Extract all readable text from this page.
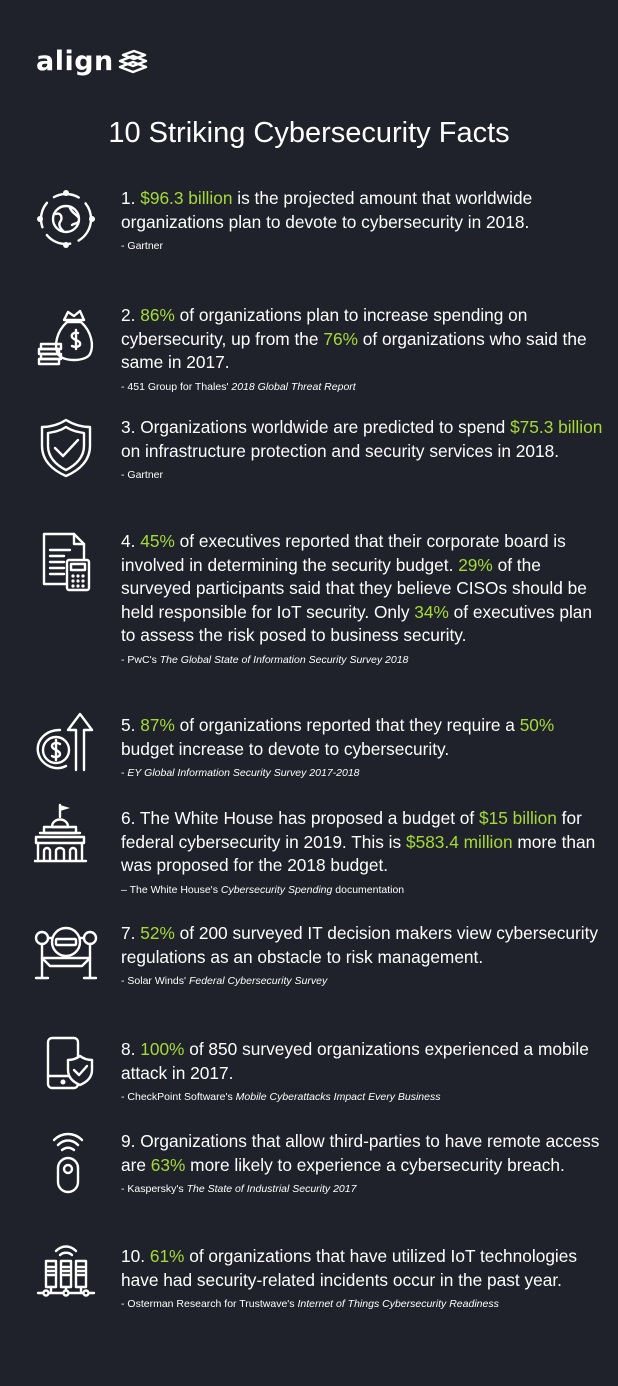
align
10 Striking Cybersecurity Facts

1. $96.3 billion is the projected amount that worldwide
organizations plan to devote to cybersecurity in 2018.

- Gartner

2. 86% of organizations plan to increase spending on cybersecurity, up from the 76% of organizations who said the same in 2017.

- 451 Group for Thales' 2018 Global Threat Report

3. Organizations worldwide are predicted to spend $75.3 billion on infrastructure protection and security services in 2018.

- Gartner

4. 45% of executives reported that their corporate board is involved in determining the security budget. 29% of the surveyed participants said that they believe CISOs should be held responsible for IoT security. Only 34% of executives plan to assess the risk posed to business security.

- PwC's The Global State of Information Security Survey 2018

5. 87% of organizations reported that they require a 50% budget increase to devote to cybersecurity.

- EY Global Information Security Survey 2017-2018

6. The White House has proposed a budget of $15 billion for federal cybersecurity in 2019. This is $583.4 million more than was proposed for the 2018 budget.

– The White House's Cybersecurity Spending documentation

7. 52% of 200 surveyed IT decision makers view cybersecurity regulations as an obstacle to risk management.

- Solar Winds' Federal Cybersecurity Survey

8. 100% of 850 surveyed organizations experienced a mobile attack in 2017.

- CheckPoint Software's Mobile Cyberattacks Impact Every Business

9. Organizations that allow third-parties to have remote access are 63% more likely to experience a cybersecurity breach.

- Kaspersky's The State of Industrial Security 2017

10. 61% of organizations that have utilized IoT technologies have had security-related incidents occur in the past year.

- Osterman Research for Trustwave's Internet of Things Cybersecurity Readiness
